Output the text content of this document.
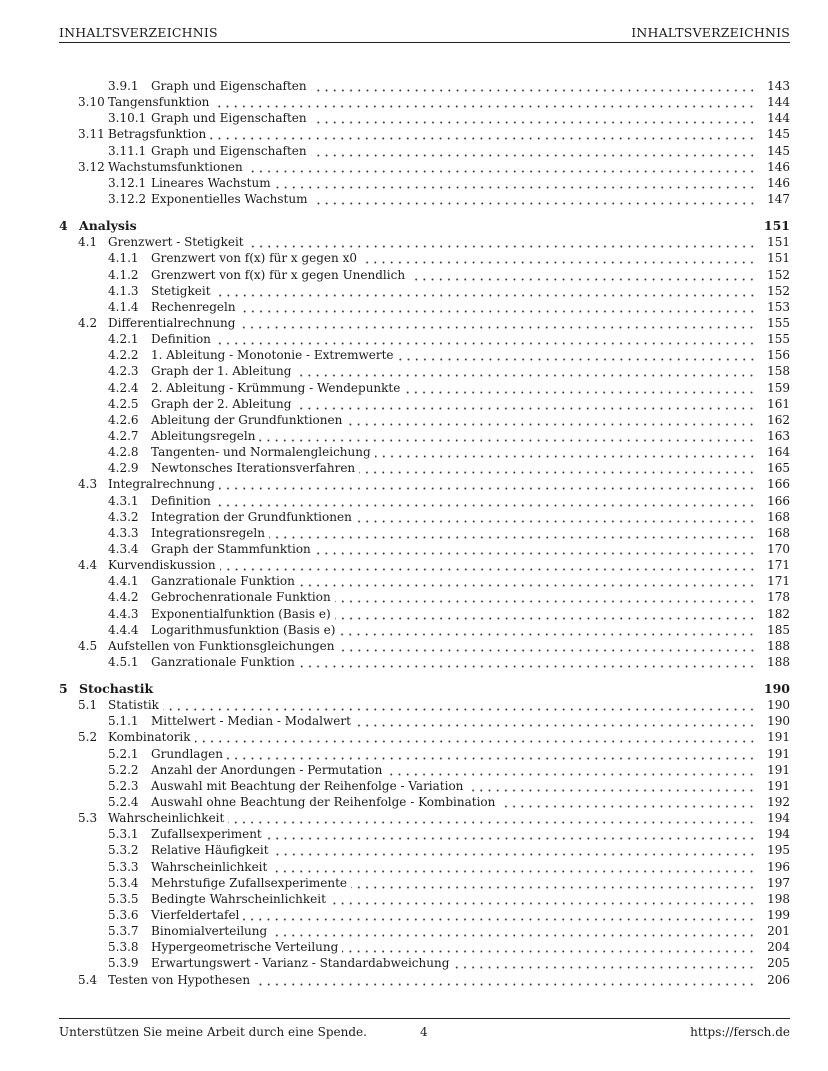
INHALTSVERZEICHNIS	INHALTSVERZEICHNIS
3.9.1	Graph und Eigenschaften	143
3.10 Tangensfunktion	144
3.10.1 Graph und Eigenschaften	144
3.11 Betragsfunktion	145
3.11.1 Graph und Eigenschaften	145
3.12 Wachstumsfunktionen	146
3.12.1 Lineares Wachstum	146
3.12.2 Exponentielles Wachstum	147
4 Analysis	151
4.1 Grenzwert - Stetigkeit	151
4.1.1	Grenzwert von f(x) für x gegen x0	151
4.1.2	Grenzwert von f(x) für x gegen Unendlich	152
4.1.3	Stetigkeit	152
4.1.4	Rechenregeln	153
4.2 Differentialrechnung	155
4.2.1	Definition	155
4.2.2	1. Ableitung - Monotonie - Extremwerte	156
4.2.3	Graph der 1. Ableitung	158
4.2.4	2. Ableitung - Krümmung - Wendepunkte	159
4.2.5	Graph der 2. Ableitung	161
4.2.6	Ableitung der Grundfunktionen	162
4.2.7	Ableitungsregeln	163
4.2.8	Tangenten- und Normalengleichung	164
4.2.9	Newtonsches Iterationsverfahren	165
4.3 Integralrechnung	166
4.3.1	Definition	166
4.3.2	Integration der Grundfunktionen	168
4.3.3	Integrationsregeln	168
4.3.4	Graph der Stammfunktion	170
4.4 Kurvendiskussion	171
4.4.1	Ganzrationale Funktion	171
4.4.2	Gebrochenrationale Funktion	178
4.4.3	Exponentialfunktion (Basis e)	182
4.4.4	Logarithmusfunktion (Basis e)	185
4.5 Aufstellen von Funktionsgleichungen	188
4.5.1	Ganzrationale Funktion	188
5 Stochastik	190
5.1 Statistik	190
5.1.1	Mittelwert - Median - Modalwert	190
5.2 Kombinatorik	191
5.2.1	Grundlagen	191
5.2.2	Anzahl der Anordungen - Permutation	191
5.2.3	Auswahl mit Beachtung der Reihenfolge - Variation	191
5.2.4	Auswahl ohne Beachtung der Reihenfolge - Kombination	192
5.3 Wahrscheinlichkeit	194
5.3.1	Zufallsexperiment	194
5.3.2	Relative Häufigkeit	195
5.3.3	Wahrscheinlichkeit	196
5.3.4	Mehrstufige Zufallsexperimente	197
5.3.5	Bedingte Wahrscheinlichkeit	198
5.3.6	Vierfeldertafel	199
5.3.7	Binomialverteilung	201
5.3.8	Hypergeometrische Verteilung	204
5.3.9	Erwartungswert - Varianz - Standardabweichung	205
5.4 Testen von Hypothesen	206
Unterstützen Sie meine Arbeit durch eine Spende.	4	https://fersch.de
